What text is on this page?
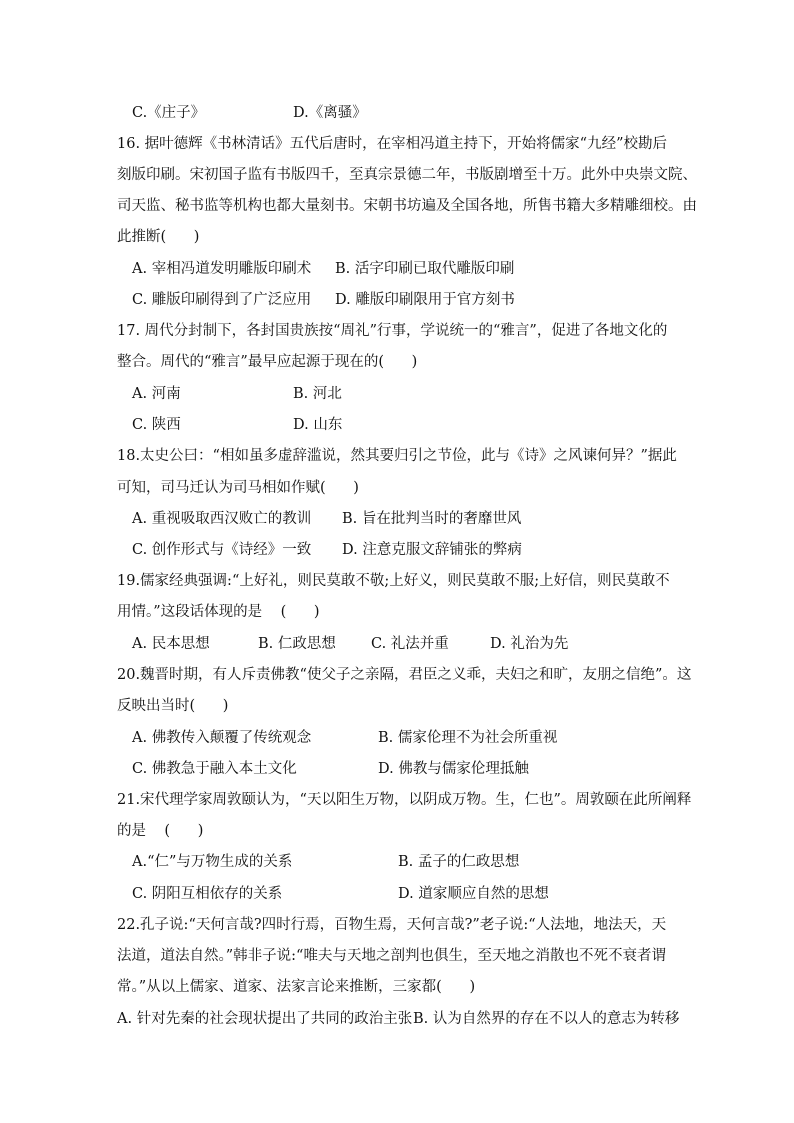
C.《庄子》	D.《离骚》
16. 据叶德辉《书林清话》五代后唐时，在宰相冯道主持下，开始将儒家“九经”校勘后
刻版印刷。宋初国子监有书版四千，至真宗景德二年，书版剧增至十万。此外中央崇文院、
司天监、秘书监等机构也都大量刻书。宋朝书坊遍及全国各地，所售书籍大多精雕细校。由
此推断(      )
A. 宰相冯道发明雕版印刷术 B. 活字印刷已取代雕版印刷
C. 雕版印刷得到了广泛应用 D. 雕版印刷限用于官方刻书
17. 周代分封制下，各封国贵族按“周礼”行事，学说统一的“雅言”，促进了各地文化的
整合。周代的“雅言”最早应起源于现在的(      )
A. 河南	B. 河北
C. 陕西	D. 山东
18.太史公曰：“相如虽多虚辞滥说，然其要归引之节俭，此与《诗》之风谏何异？”据此
可知，司马迁认为司马相如作赋(      )
A. 重视吸取西汉败亡的教训 B. 旨在批判当时的奢靡世风
C. 创作形式与《诗经》一致 D. 注意克服文辞铺张的弊病
19.儒家经典强调:“上好礼，则民莫敢不敬;上好义，则民莫敢不服;上好信，则民莫敢不
用情。”这段话体现的是    (      )
A. 民本思想	B. 仁政思想 C. 礼法并重	D. 礼治为先
20.魏晋时期，有人斥责佛教“使父子之亲隔，君臣之义乖，夫妇之和旷，友朋之信绝”。这
反映出当时(      )
A. 佛教传入颠覆了传统观念	B. 儒家伦理不为社会所重视
C. 佛教急于融入本土文化	D. 佛教与儒家伦理抵触
21.宋代理学家周敦颐认为，“天以阳生万物，以阴成万物。生，仁也”。周敦颐在此所阐释
的是    (      )
A.“仁”与万物生成的关系	B. 孟子的仁政思想
C. 阴阳互相依存的关系	D. 道家顺应自然的思想
22.孔子说:“天何言哉?四时行焉，百物生焉，天何言哉?”老子说:“人法地，地法天，天
法道，道法自然。”韩非子说:“唯夫与天地之剖判也俱生，至天地之消散也不死不衰者谓
常。”从以上儒家、道家、法家言论来推断，三家都(      )
A. 针对先秦的社会现状提出了共同的政治主张 B. 认为自然界的存在不以人的意志为转移
